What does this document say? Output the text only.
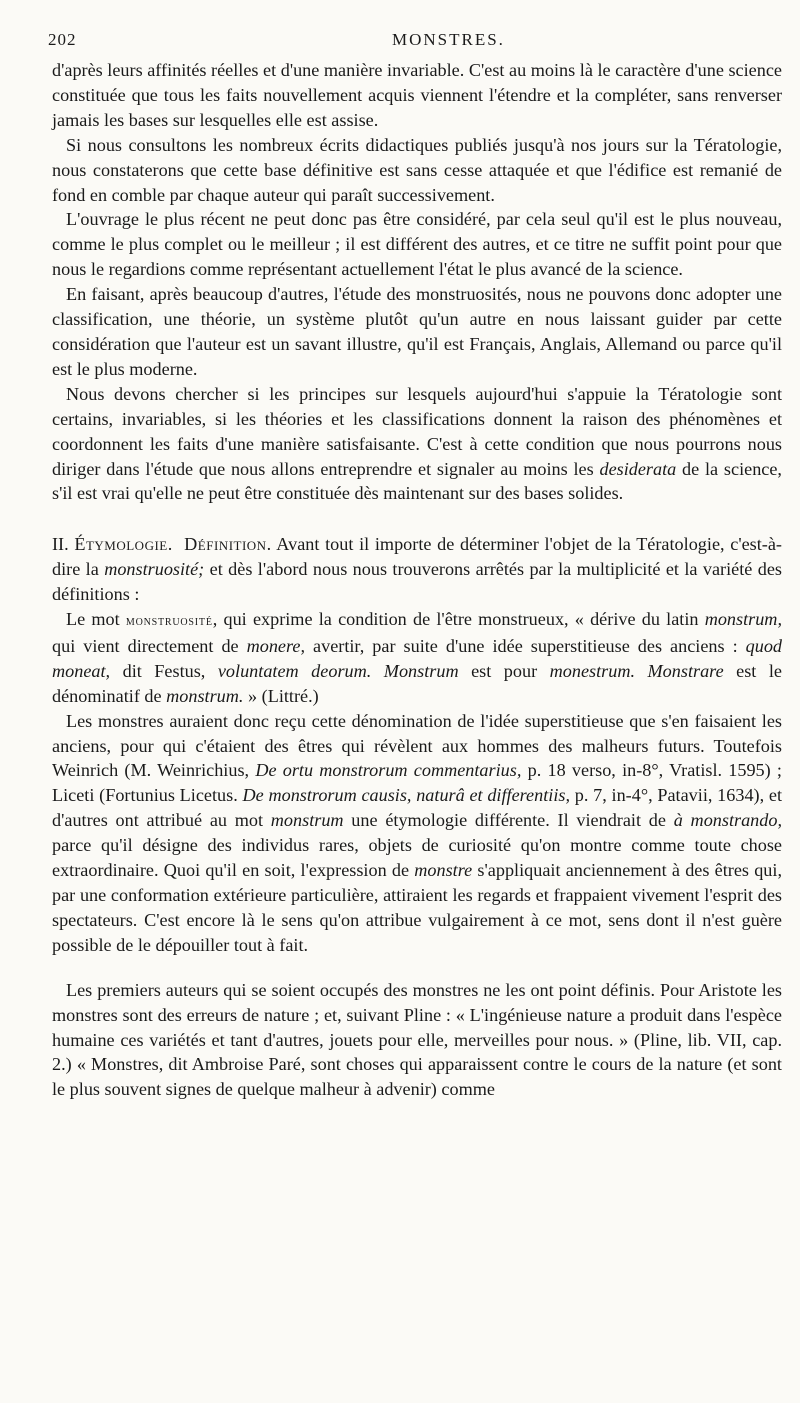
202	MONSTRES.

d'après leurs affinités réelles et d'une manière invariable. C'est au moins là le caractère d'une science constituée que tous les faits nouvellement acquis viennent l'étendre et la compléter, sans renverser jamais les bases sur lesquelles elle est assise.

Si nous consultons les nombreux écrits didactiques publiés jusqu'à nos jours sur la Tératologie, nous constaterons que cette base définitive est sans cesse attaquée et que l'édifice est remanié de fond en comble par chaque auteur qui paraît successivement.

L'ouvrage le plus récent ne peut donc pas être considéré, par cela seul qu'il est le plus nouveau, comme le plus complet ou le meilleur ; il est différent des autres, et ce titre ne suffit point pour que nous le regardions comme représentant actuellement l'état le plus avancé de la science.

En faisant, après beaucoup d'autres, l'étude des monstruosités, nous ne pouvons donc adopter une classification, une théorie, un système plutôt qu'un autre en nous laissant guider par cette considération que l'auteur est un savant illustre, qu'il est Français, Anglais, Allemand ou parce qu'il est le plus moderne.

Nous devons chercher si les principes sur lesquels aujourd'hui s'appuie la Tératologie sont certains, invariables, si les théories et les classifications donnent la raison des phénomènes et coordonnent les faits d'une manière satisfaisante. C'est à cette condition que nous pourrons nous diriger dans l'étude que nous allons entreprendre et signaler au moins les desiderata de la science, s'il est vrai qu'elle ne peut être constituée dès maintenant sur des bases solides.

II. Étymologie. Définition. Avant tout il importe de déterminer l'objet de la Tératologie, c'est-à-dire la monstruosité; et dès l'abord nous nous trouverons arrêtés par la multiplicité et la variété des définitions :

Le mot monstruosité, qui exprime la condition de l'être monstrueux, « dérive du latin monstrum, qui vient directement de monere, avertir, par suite d'une idée superstitieuse des anciens : quod moneat, dit Festus, voluntatem deorum. Monstrum est pour monestrum. Monstrare est le dénominatif de monstrum. » (Littré.)

Les monstres auraient donc reçu cette dénomination de l'idée superstitieuse que s'en faisaient les anciens, pour qui c'étaient des êtres qui révèlent aux hommes des malheurs futurs. Toutefois Weinrich (M. Weinrichius, De ortu monstrorum commentarius, p. 18 verso, in-8°, Vratisl. 1595) ; Liceti (Fortunius Licetus. De monstrorum causis, naturâ et differentiis, p. 7, in-4°, Patavii, 1634), et d'autres ont attribué au mot monstrum une étymologie différente. Il viendrait de à monstrando, parce qu'il désigne des individus rares, objets de curiosité qu'on montre comme toute chose extraordinaire. Quoi qu'il en soit, l'expression de monstre s'appliquait anciennement à des êtres qui, par une conformation extérieure particulière, attiraient les regards et frappaient vivement l'esprit des spectateurs. C'est encore là le sens qu'on attribue vulgairement à ce mot, sens dont il n'est guère possible de le dépouiller tout à fait.

Les premiers auteurs qui se soient occupés des monstres ne les ont point définis. Pour Aristote les monstres sont des erreurs de nature ; et, suivant Pline : « L'ingénieuse nature a produit dans l'espèce humaine ces variétés et tant d'autres, jouets pour elle, merveilles pour nous. » (Pline, lib. VII, cap. 2.) « Monstres, dit Ambroise Paré, sont choses qui apparaissent contre le cours de la nature (et sont le plus souvent signes de quelque malheur à advenir) comme
